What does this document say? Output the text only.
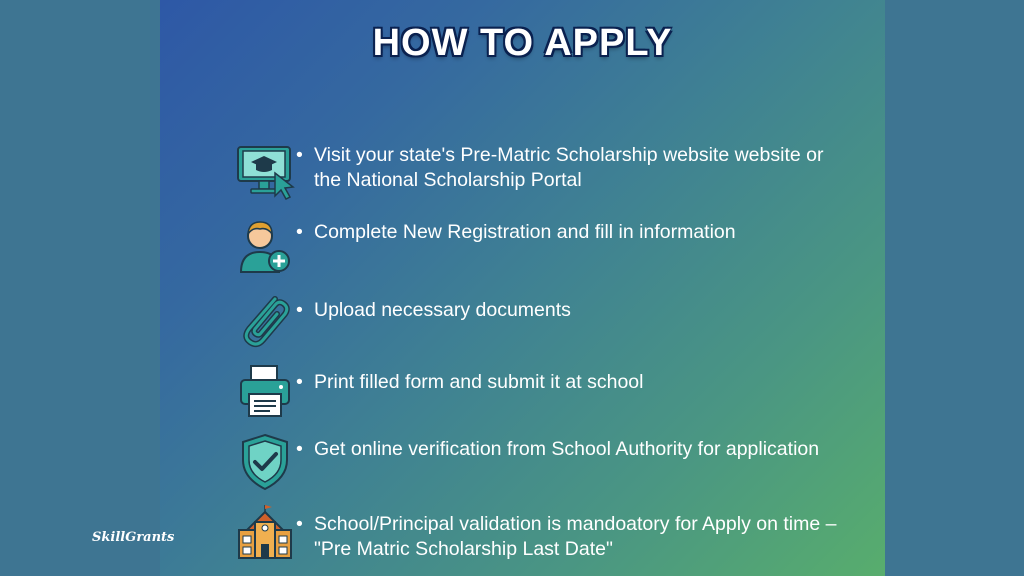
HOW TO APPLY
• Visit your state's Pre-Matric Scholarship website website or the National Scholarship Portal
• Complete New Registration and fill in information
• Upload necessary documents
• Print filled form and submit it at school
• Get online verification from School Authority for application
• School/Principal validation is mandoatory for Apply on time – "Pre Matric Scholarship Last Date"
SkillGrants
